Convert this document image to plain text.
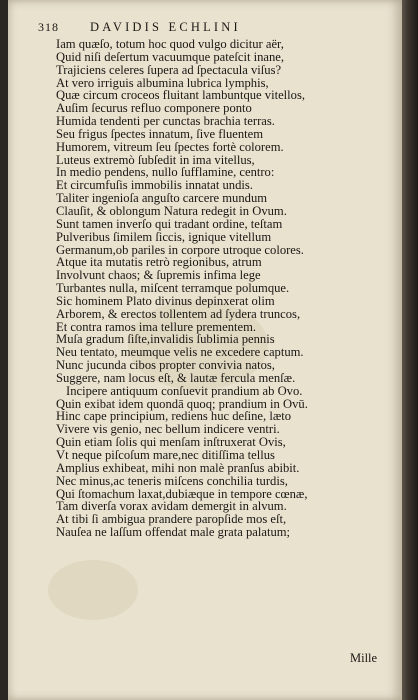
318 DAVIDIS ECHLINI
Iam quæſo, totum hoc quod vulgo dicitur aër,
Quid niſi deſertum vacuumque pateſcit inane,
Trajiciens celeres ſupera ad ſpectacula viſus?
At vero irriguis albumina lubrica lymphis,
Quæ circum croceos fluitant lambuntque vitellos,
Auſim ſecurus refluo componere ponto
Humida tendenti per cunctas brachia terras.
Seu frigus ſpectes innatum, ſive fluentem
Humorem, vitreum ſeu ſpectes fortè colorem.
Luteus extremò ſubſedit in ima vitellus,
In medio pendens, nullo ſufflamine, centro:
Et circumfuſis immobilis innatat undis.
Taliter ingenioſa anguſto carcere mundum
Clauſit, & oblongum Natura redegit in Ovum.
Sunt tamen inverſo qui tradant ordine, teſtam
Pulveribus ſimilem ſiccis, ignique vitellum
Germanum,ob pariles in corpore utroque colores.
Atque ita mutatis retrò regionibus, atrum
Involvunt chaos; & ſupremis infima lege
Turbantes nulla, miſcent terramque polumque.
Sic hominem Plato divinus depinxerat olim
Arborem, & erectos tollentem ad ſydera truncos,
Et contra ramos ima tellure prementem.
Muſa gradum ſiſte,invalidis ſublimia pennis
Neu tentato, meumque velis ne excedere captum.
Nunc jucunda cibos propter convivia natos,
Suggere, nam locus eſt, & lautæ fercula menſæ.
Incipere antiquum conſuevit prandium ab Ovo.
Quin exibat idem quondā quoq; prandium in Ovū.
Hinc cape principium, rediens huc deſine, læto
Vivere vis genio, nec bellum indicere ventri.
Quin etiam ſolis qui menſam inſtruxerat Ovis,
Vt neque piſcoſum mare,nec ditiſſima tellus
Amplius exhibeat, mihi non malè pranſus abibit.
Nec minus,ac teneris miſcens conchilia turdis,
Qui ſtomachum laxat,dubiæque in tempore cœnæ,
Tam diverſa vorax avidam demergit in alvum.
At tibi ſi ambigua prandere paropſide mos eſt,
Nauſea ne laſſum offendat male grata palatum;
Mille
